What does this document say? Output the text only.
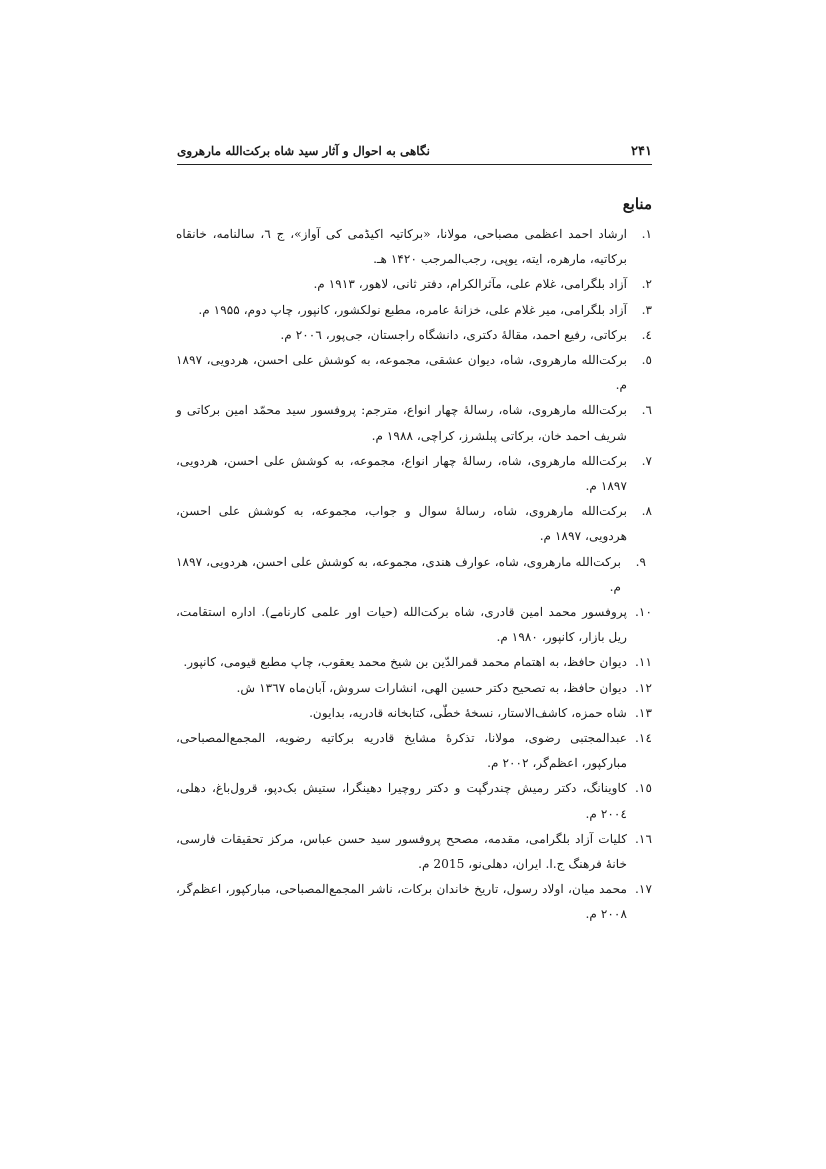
۲۴۱
نگاهی به احوال و آثار سید شاه برکت‌الله مارهروی
منابع
۱.
ارشاد احمد اعظمی مصباحی، مولانا، «برکاتیہ اکیڈمی کی آواز»، ج ٦، سالنامه، خانقاه برکاتیه، مارهره، ایته، یوپی، رجب‌المرجب ۱۴۲۰ هـ.
۲.
آزاد بلگرامی، غلام علی، مآثرالکرام، دفتر ثانی، لاهور، ۱۹۱۳ م.
۳.
آزاد بلگرامی، میر غلام علی، خزانهٔ عامره، مطبع نولکشور، کانپور، چاپ دوم، ۱۹۵۵ م.
٤.
برکاتی، رفیع احمد، مقالهٔ دکتری، دانشگاه راجستان، جی‌پور، ۲۰۰٦ م.
٥.
برکت‌الله مارهروی، شاه، دیوان عشقی، مجموعه، به کوشش علی احسن، هردویی، ۱۸۹۷ م.
٦.
برکت‌الله مارهروی، شاه، رسالهٔ چهار انواع، مترجم: پروفسور سید محمّد امین برکاتی و شریف احمد خان، برکاتی پبلشرز، کراچی، ۱۹۸۸ م.
۷.
برکت‌الله مارهروی، شاه، رسالهٔ چهار انواع، مجموعه، به کوشش علی احسن، هردویی، ۱۸۹۷ م.
۸.
برکت‌الله مارهروی، شاه، رسالهٔ سوال و جواب، مجموعه، به کوشش علی احسن، هردویی، ۱۸۹۷ م.
۹.
برکت‌الله مارهروی، شاه، عوارف هندی، مجموعه، به کوشش علی احسن، هردویی، ۱۸۹۷ م.
۱۰.
پروفسور محمد امین قادری، شاه برکت‌الله (حیات اور علمی کارنامے). اداره استقامت، ریل بازار، کانپور، ۱۹۸۰ م.
۱۱.
دیوان حافظ، به اهتمام محمد قمرالدّین بن شیخ محمد یعقوب، چاپ مطبع قیومی، کانپور.
۱۲.
دیوان حافظ، به تصحیح دکتر حسین الهی، انشارات سروش، آبان‌ماه ۱۳٦۷ ش.
۱۳.
شاه حمزه، کاشف‌الاستار، نسخهٔ خطّی، کتابخانه قادریه، بدایون.
۱٤.
عبدالمجتبی رضوی، مولانا، تذکرهٔ مشایخ قادریه برکاتیه رضویه، المجمع‌المصباحی، مبارکپور، اعظم‌گر، ۲۰۰۲ م.
۱٥.
کاوینانگ، دکتر رمیش چندرگپت و دکتر روچیرا دهینگرا، ستیش بک‌دپو، قرول‌باغ، دهلی، ۲۰۰٤ م.
۱٦.
کلیات آزاد بلگرامی، مقدمه، مصحح پروفسور سید حسن عباس، مرکز تحقیقات فارسی، خانهٔ فرهنگ ج.ا. ایران، دهلی‌نو، 2015 م.
۱۷.
محمد میان، اولاد رسول، تاریخ خاندان برکات، ناشر المجمع‌المصباحی، مبارکپور، اعظم‌گر، ۲۰۰۸ م.
